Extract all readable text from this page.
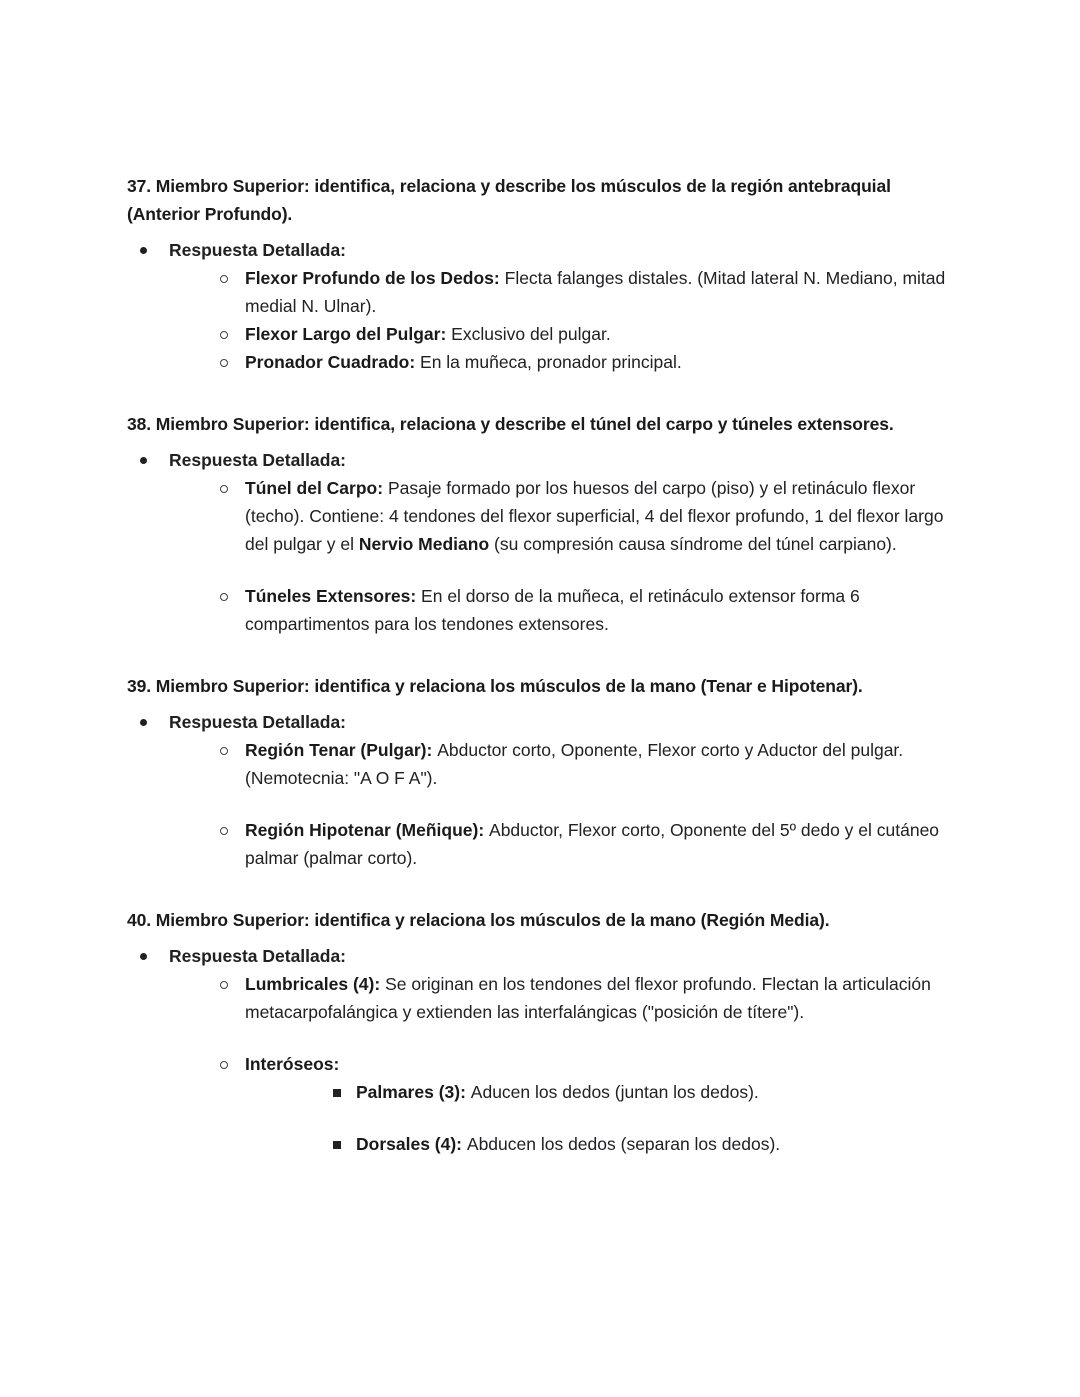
37. Miembro Superior: identifica, relaciona y describe los músculos de la región antebraquial (Anterior Profundo).

Respuesta Detallada:
Flexor Profundo de los Dedos: Flecta falanges distales. (Mitad lateral N. Mediano, mitad medial N. Ulnar).
Flexor Largo del Pulgar: Exclusivo del pulgar.
Pronador Cuadrado: En la muñeca, pronador principal.

38. Miembro Superior: identifica, relaciona y describe el túnel del carpo y túneles extensores.

Respuesta Detallada:
Túnel del Carpo: Pasaje formado por los huesos del carpo (piso) y el retináculo flexor (techo). Contiene: 4 tendones del flexor superficial, 4 del flexor profundo, 1 del flexor largo del pulgar y el Nervio Mediano (su compresión causa síndrome del túnel carpiano).
Túneles Extensores: En el dorso de la muñeca, el retináculo extensor forma 6 compartimentos para los tendones extensores.

39. Miembro Superior: identifica y relaciona los músculos de la mano (Tenar e Hipotenar).

Respuesta Detallada:
Región Tenar (Pulgar): Abductor corto, Oponente, Flexor corto y Aductor del pulgar. (Nemotecnia: "A O F A").
Región Hipotenar (Meñique): Abductor, Flexor corto, Oponente del 5º dedo y el cutáneo palmar (palmar corto).

40. Miembro Superior: identifica y relaciona los músculos de la mano (Región Media).

Respuesta Detallada:
Lumbricales (4): Se originan en los tendones del flexor profundo. Flectan la articulación metacarpofalángica y extienden las interfalángicas ("posición de títere").
Interóseos:
Palmares (3): Aducen los dedos (juntan los dedos).
Dorsales (4): Abducen los dedos (separan los dedos).
